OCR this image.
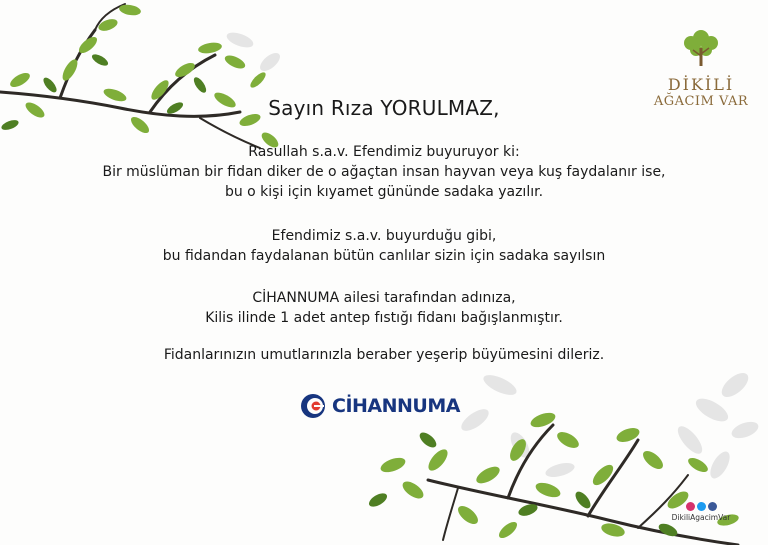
DİKİLİ
AĞACIM VAR
Sayın Rıza YORULMAZ,
Rasullah s.a.v. Efendimiz buyuruyor ki:
Bir müslüman bir fidan diker de o ağaçtan insan hayvan veya kuş faydalanır ise,
bu o kişi için kıyamet gününde sadaka yazılır.
Efendimiz s.a.v. buyurduğu gibi,
bu fidandan faydalanan bütün canlılar sizin için sadaka sayılsın
CİHANNUMA ailesi tarafından adınıza,
Kilis ilinde 1 adet antep fıstığı fidanı bağışlanmıştır.
Fidanlarınızın umutlarınızla beraber yeşerip büyümesini dileriz.
CİHANNUMA
DikiliAgacimVar
